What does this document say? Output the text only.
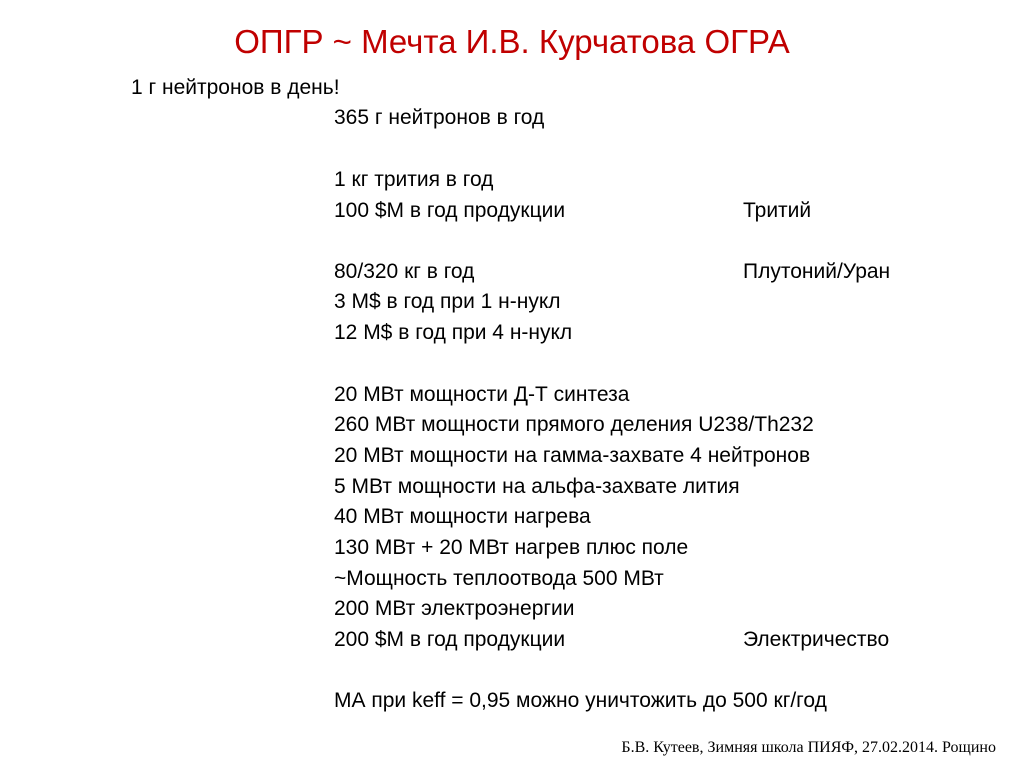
ОПГР ~ Мечта И.В. Курчатова ОГРА
1 г нейтронов в день!
365 г нейтронов в год
1 кг трития в год
100 $М в год продукции	Тритий
80/320 кг в год	Плутоний/Уран
3 М$ в год при 1 н-нукл
12 М$ в год при 4 н-нукл
20 МВт мощности Д-Т синтеза
260 МВт мощности прямого деления U238/Th232
20 МВт мощности на гамма-захвате 4 нейтронов
5 МВт мощности на альфа-захвате лития
40 МВт мощности нагрева
130 МВт + 20 МВт нагрев плюс поле
~Мощность теплоотвода 500 МВт
200 МВт электроэнергии
200 $М в год продукции	Электричество
МА при keff = 0,95 можно уничтожить до 500 кг/год
Б.В. Кутеев, Зимняя школа ПИЯФ, 27.02.2014. Рощино
